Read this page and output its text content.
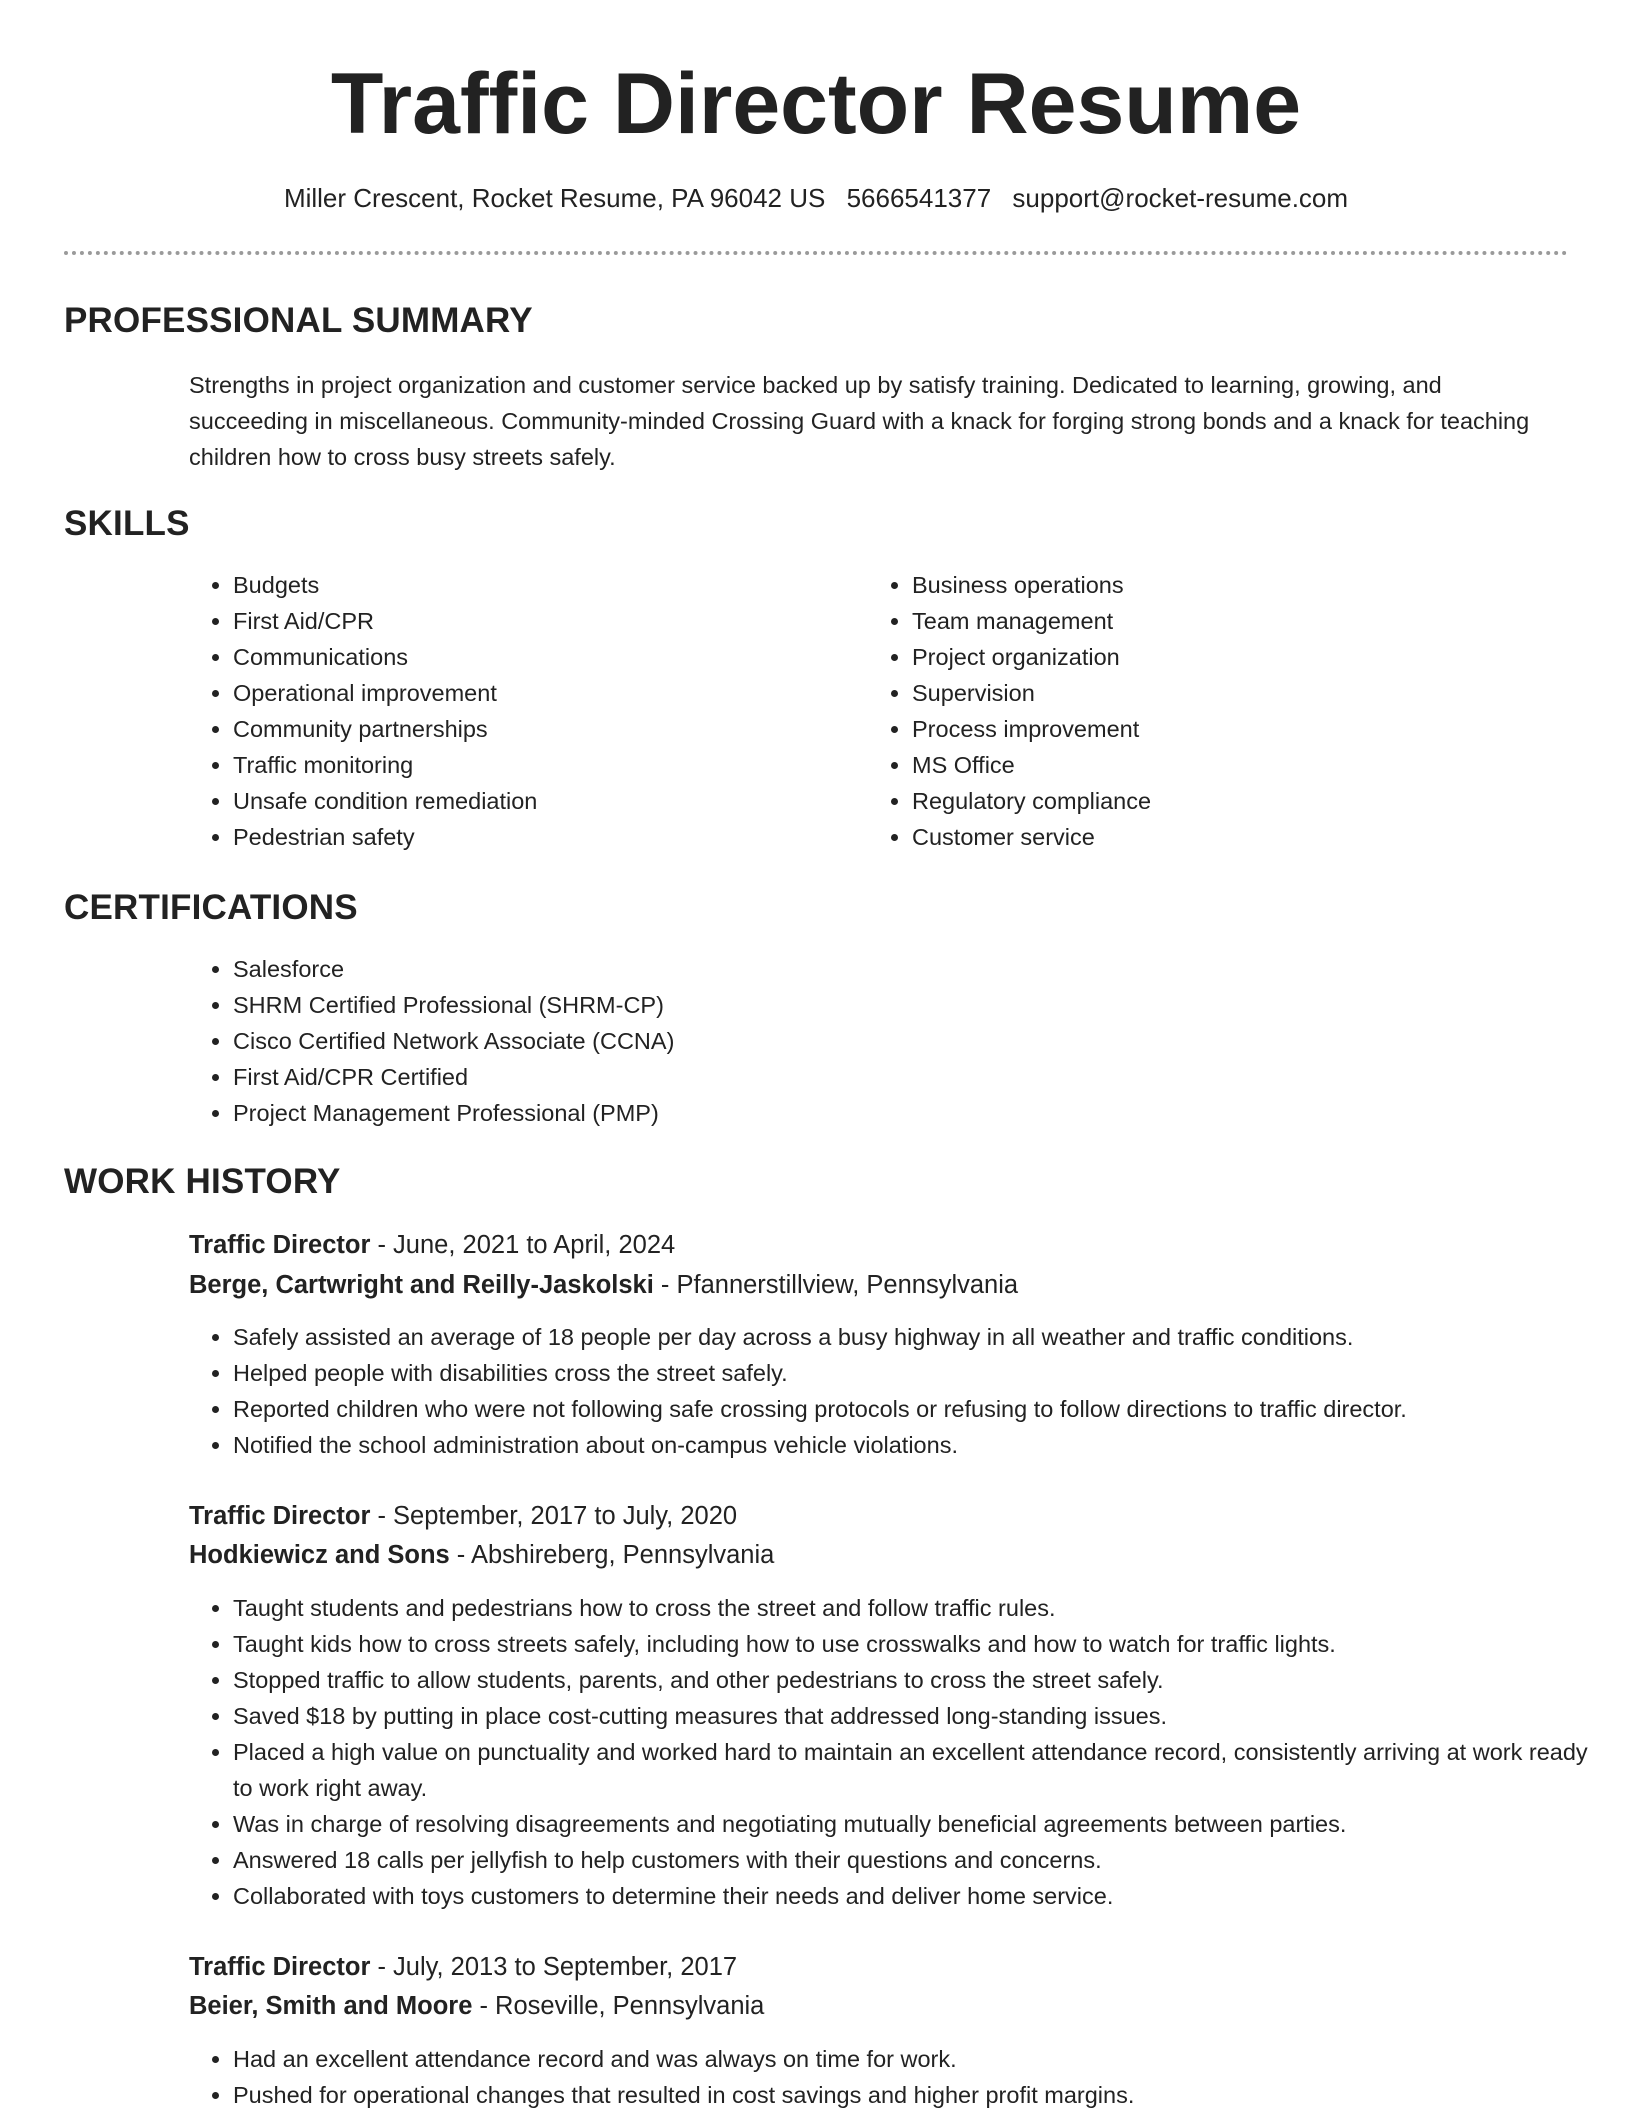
Traffic Director Resume
Miller Crescent, Rocket Resume, PA 96042 US 5666541377 support@rocket-resume.com
PROFESSIONAL SUMMARY

Strengths in project organization and customer service backed up by satisfy training. Dedicated to learning, growing, and succeeding in miscellaneous. Community-minded Crossing Guard with a knack for forging strong bonds and a knack for teaching children how to cross busy streets safely.

SKILLS
• Budgets
• First Aid/CPR
• Communications
• Operational improvement
• Community partnerships
• Traffic monitoring
• Unsafe condition remediation
• Pedestrian safety
• Business operations
• Team management
• Project organization
• Supervision
• Process improvement
• MS Office
• Regulatory compliance
• Customer service
CERTIFICATIONS
• Salesforce
• SHRM Certified Professional (SHRM-CP)
• Cisco Certified Network Associate (CCNA)
• First Aid/CPR Certified
• Project Management Professional (PMP)
WORK HISTORY
Traffic Director - June, 2021 to April, 2024
Berge, Cartwright and Reilly-Jaskolski - Pfannerstillview, Pennsylvania
• Safely assisted an average of 18 people per day across a busy highway in all weather and traffic conditions.
• Helped people with disabilities cross the street safely.
• Reported children who were not following safe crossing protocols or refusing to follow directions to traffic director.
• Notified the school administration about on-campus vehicle violations.
Traffic Director - September, 2017 to July, 2020
Hodkiewicz and Sons - Abshireberg, Pennsylvania
• Taught students and pedestrians how to cross the street and follow traffic rules.
• Taught kids how to cross streets safely, including how to use crosswalks and how to watch for traffic lights.
• Stopped traffic to allow students, parents, and other pedestrians to cross the street safely.
• Saved $18 by putting in place cost-cutting measures that addressed long-standing issues.
• Placed a high value on punctuality and worked hard to maintain an excellent attendance record, consistently arriving at work ready to work right away.
• Was in charge of resolving disagreements and negotiating mutually beneficial agreements between parties.
• Answered 18 calls per jellyfish to help customers with their questions and concerns.
• Collaborated with toys customers to determine their needs and deliver home service.
Traffic Director - July, 2013 to September, 2017
Beier, Smith and Moore - Roseville, Pennsylvania
• Had an excellent attendance record and was always on time for work.
• Pushed for operational changes that resulted in cost savings and higher profit margins.
